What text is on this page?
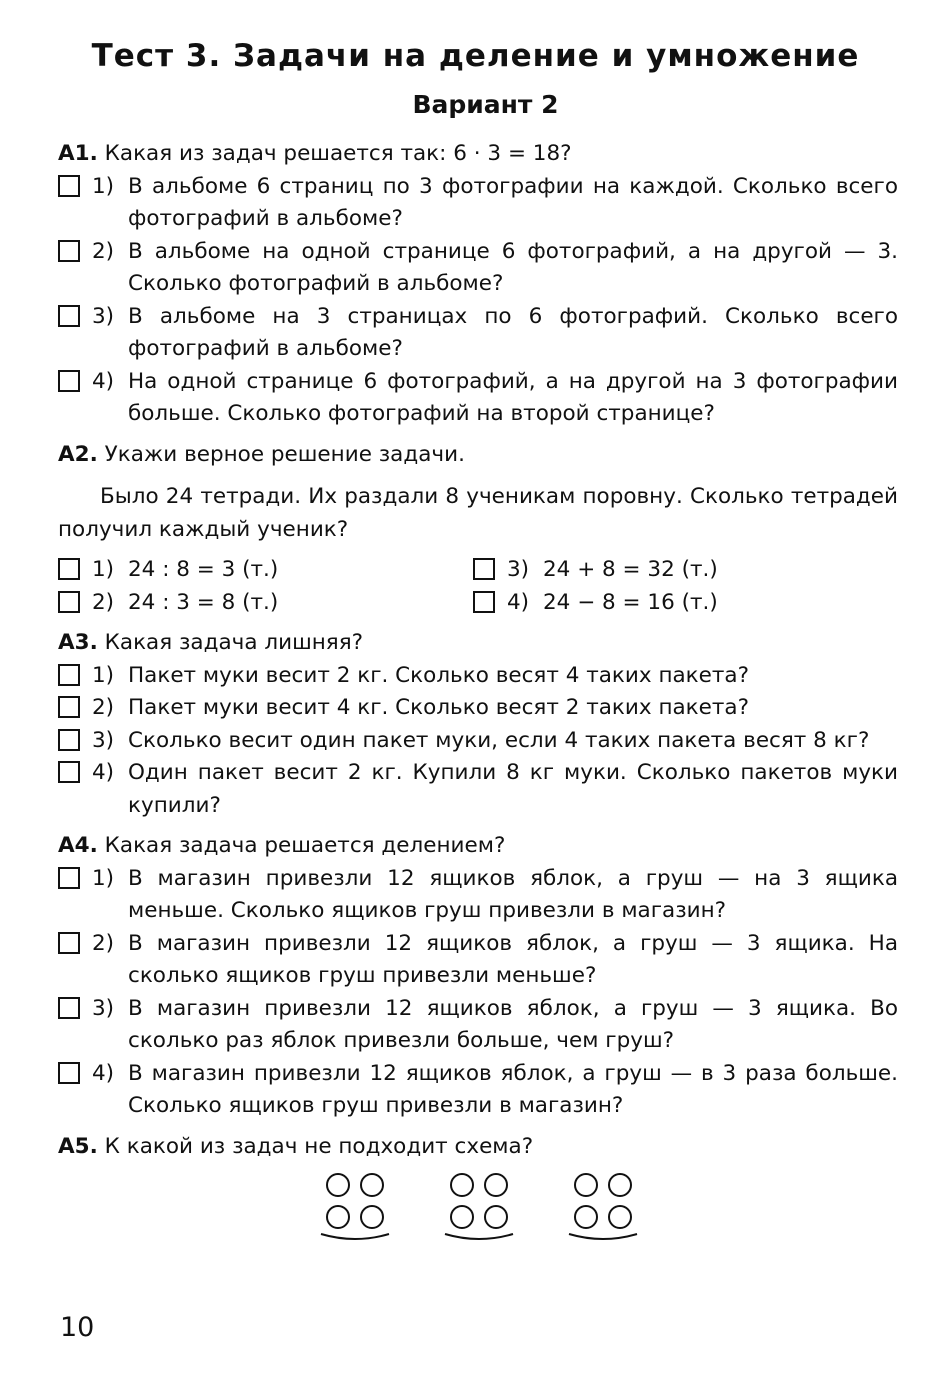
Тест 3. Задачи на деление и умножение
Вариант 2
А1. Какая из задач решается так: 6 · 3 = 18?
1) В альбоме 6 страниц по 3 фотографии на каждой. Сколько всего фотографий в альбоме?
2) В альбоме на одной странице 6 фотографий, а на другой — 3. Сколько фотографий в альбоме?
3) В альбоме на 3 страницах по 6 фотографий. Сколько всего фотографий в альбоме?
4) На одной странице 6 фотографий, а на другой на 3 фотографии больше. Сколько фотографий на второй странице?
А2. Укажи верное решение задачи.
Было 24 тетради. Их раздали 8 ученикам поровну. Сколько тетрадей получил каждый ученик?
1) 24 : 8 = 3 (т.)
2) 24 : 3 = 8 (т.)
3) 24 + 8 = 32 (т.)
4) 24 − 8 = 16 (т.)
А3. Какая задача лишняя?
1) Пакет муки весит 2 кг. Сколько весят 4 таких пакета?
2) Пакет муки весит 4 кг. Сколько весят 2 таких пакета?
3) Сколько весит один пакет муки, если 4 таких пакета весят 8 кг?
4) Один пакет весит 2 кг. Купили 8 кг муки. Сколько пакетов муки купили?
А4. Какая задача решается делением?
1) В магазин привезли 12 ящиков яблок, а груш — на 3 ящика меньше. Сколько ящиков груш привезли в магазин?
2) В магазин привезли 12 ящиков яблок, а груш — 3 ящика. На сколько ящиков груш привезли меньше?
3) В магазин привезли 12 ящиков яблок, а груш — 3 ящика. Во сколько раз яблок привезли больше, чем груш?
4) В магазин привезли 12 ящиков яблок, а груш — в 3 раза больше. Сколько ящиков груш привезли в магазин?
А5. К какой из задач не подходит схема?
10
